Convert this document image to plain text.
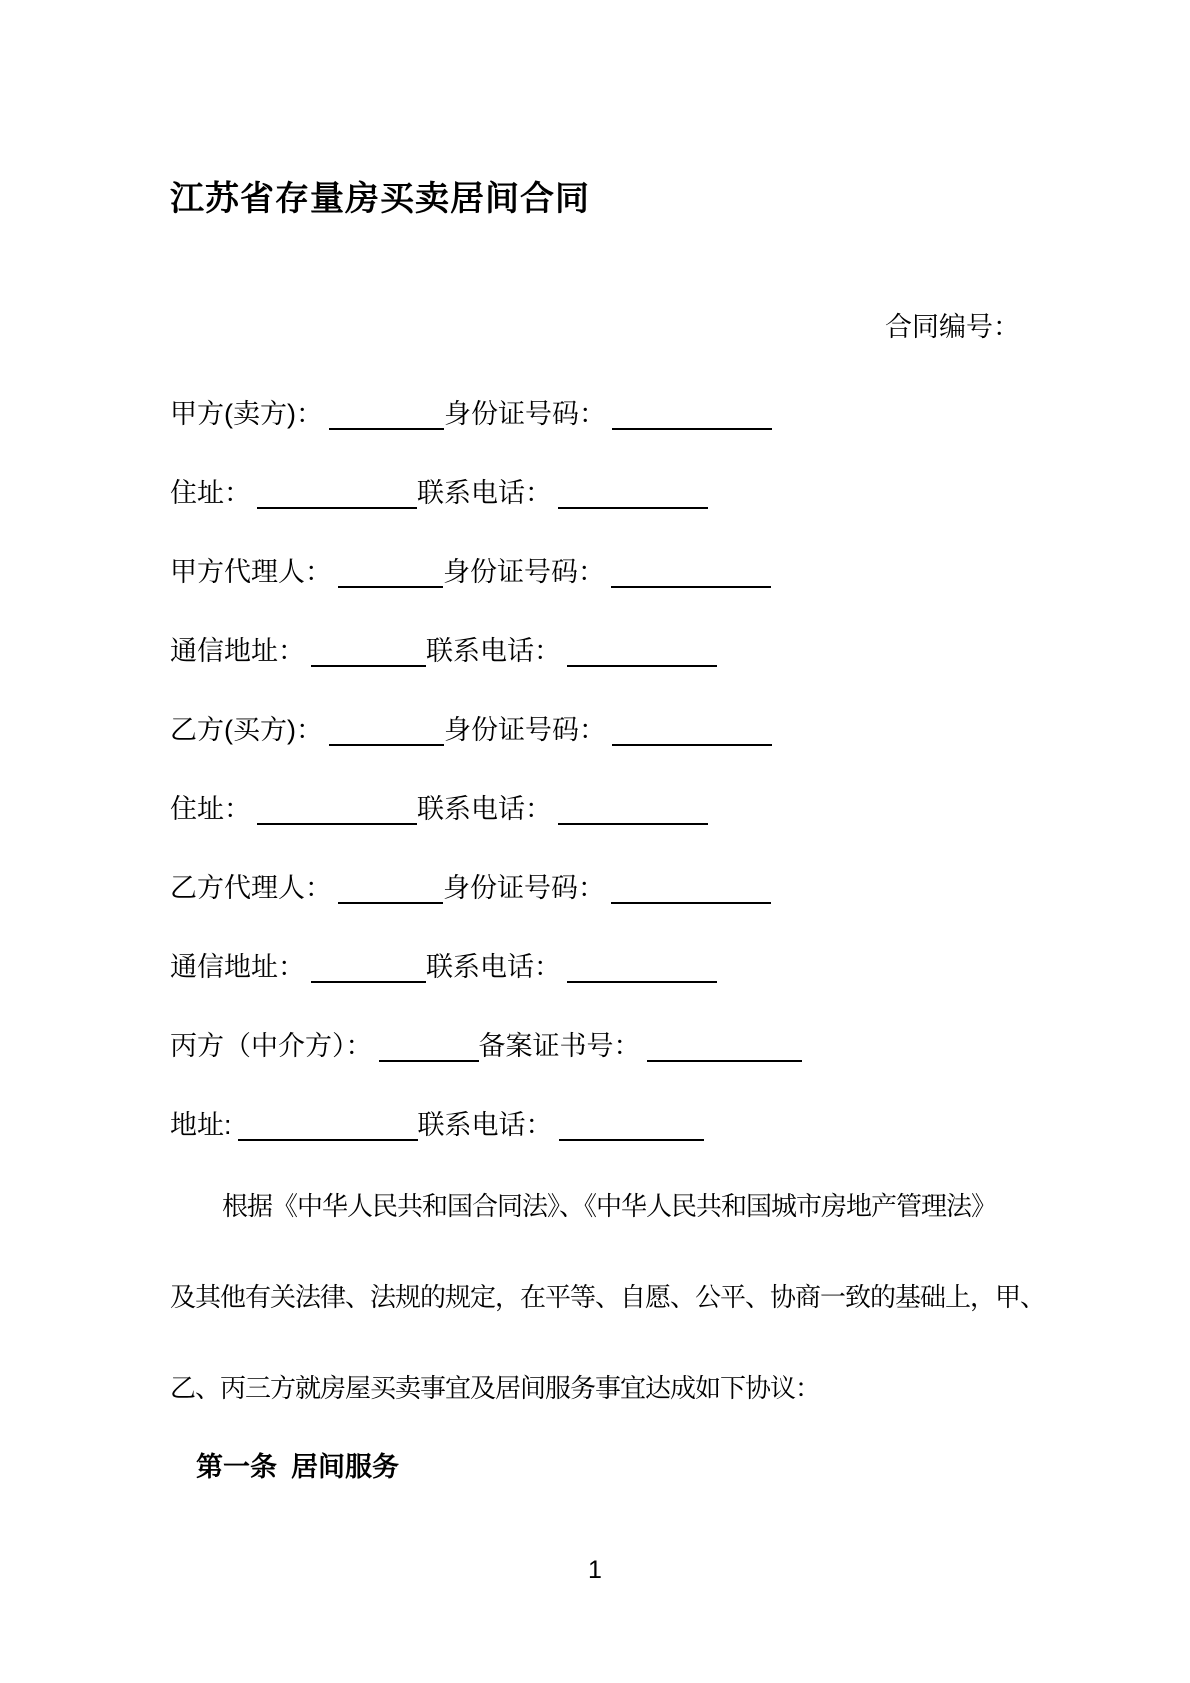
江苏省存量房买卖居间合同
合同编号：
甲方(卖方)：	身份证号码：
住址：	联系电话：
甲方代理人：	身份证号码：
通信地址：	联系电话：
乙方(买方)：	身份证号码：
住址：	联系电话：
乙方代理人：	身份证号码：
通信地址：	联系电话：
丙方（中介方）：	备案证书号：
地址:	联系电话：
根据《中华人民共和国合同法》、《中华人民共和国城市房地产管理法》
及其他有关法律、法规的规定，在平等、自愿、公平、协商一致的基础上，甲、
乙、丙三方就房屋买卖事宜及居间服务事宜达成如下协议：
第一条 居间服务
1
